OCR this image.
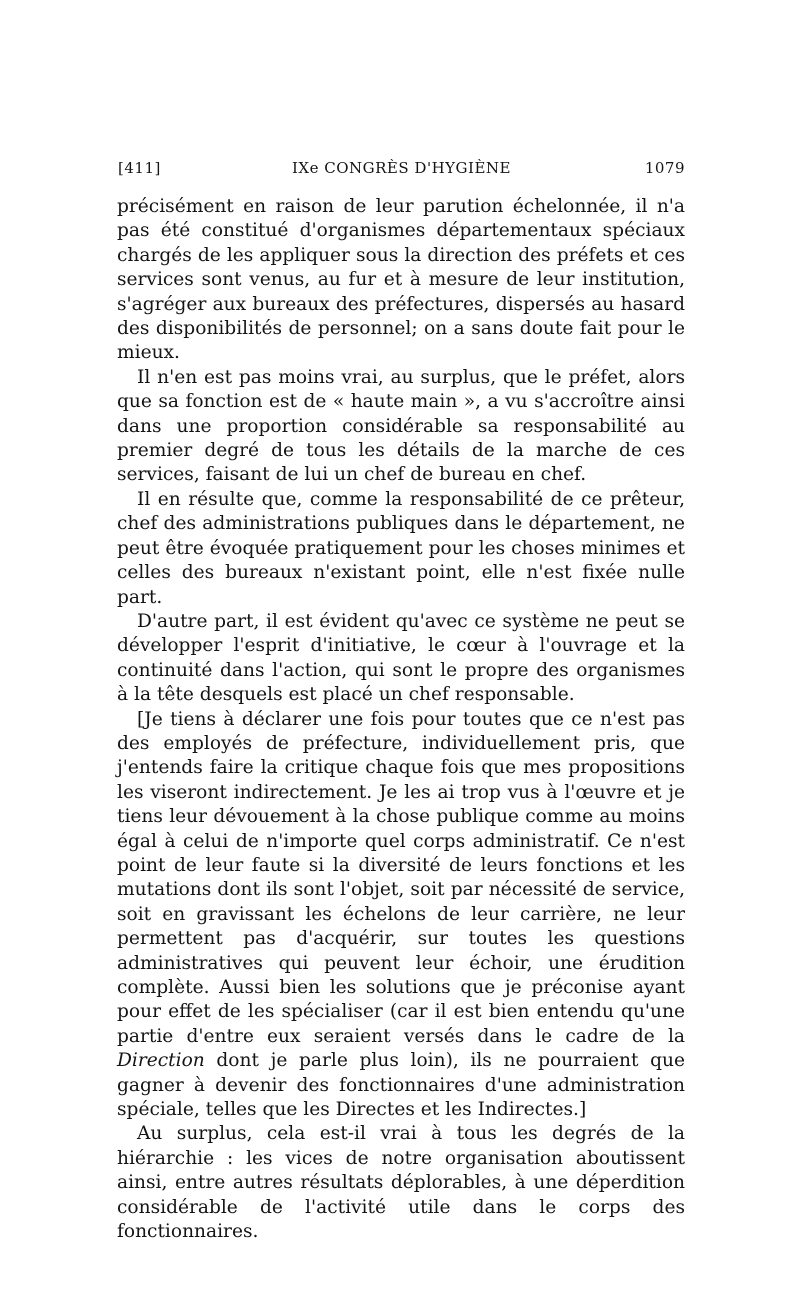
[411]	IXe CONGRÈS D'HYGIÈNE	1079

précisément en raison de leur parution échelonnée, il n'a pas été constitué d'organismes départementaux spéciaux chargés de les appliquer sous la direction des préfets et ces services sont venus, au fur et à mesure de leur institution, s'agréger aux bureaux des préfectures, dispersés au hasard des disponibilités de personnel; on a sans doute fait pour le mieux.

Il n'en est pas moins vrai, au surplus, que le préfet, alors que sa fonction est de « haute main », a vu s'accroître ainsi dans une proportion considérable sa responsabilité au premier degré de tous les détails de la marche de ces services, faisant de lui un chef de bureau en chef.

Il en résulte que, comme la responsabilité de ce prêteur, chef des administrations publiques dans le département, ne peut être évoquée pratiquement pour les choses minimes et celles des bureaux n'existant point, elle n'est fixée nulle part.

D'autre part, il est évident qu'avec ce système ne peut se développer l'esprit d'initiative, le cœur à l'ouvrage et la continuité dans l'action, qui sont le propre des organismes à la tête desquels est placé un chef responsable.

[Je tiens à déclarer une fois pour toutes que ce n'est pas des employés de préfecture, individuellement pris, que j'entends faire la critique chaque fois que mes propositions les viseront indirectement. Je les ai trop vus à l'œuvre et je tiens leur dévouement à la chose publique comme au moins égal à celui de n'importe quel corps administratif. Ce n'est point de leur faute si la diversité de leurs fonctions et les mutations dont ils sont l'objet, soit par nécessité de service, soit en gravissant les échelons de leur carrière, ne leur permettent pas d'acquérir, sur toutes les questions administratives qui peuvent leur échoir, une érudition complète. Aussi bien les solutions que je préconise ayant pour effet de les spécialiser (car il est bien entendu qu'une partie d'entre eux seraient versés dans le cadre de la Direction dont je parle plus loin), ils ne pourraient que gagner à devenir des fonctionnaires d'une administration spéciale, telles que les Directes et les Indirectes.]

Au surplus, cela est-il vrai à tous les degrés de la hiérarchie : les vices de notre organisation aboutissent ainsi, entre autres résultats déplorables, à une déperdition considérable de l'activité utile dans le corps des fonctionnaires.
